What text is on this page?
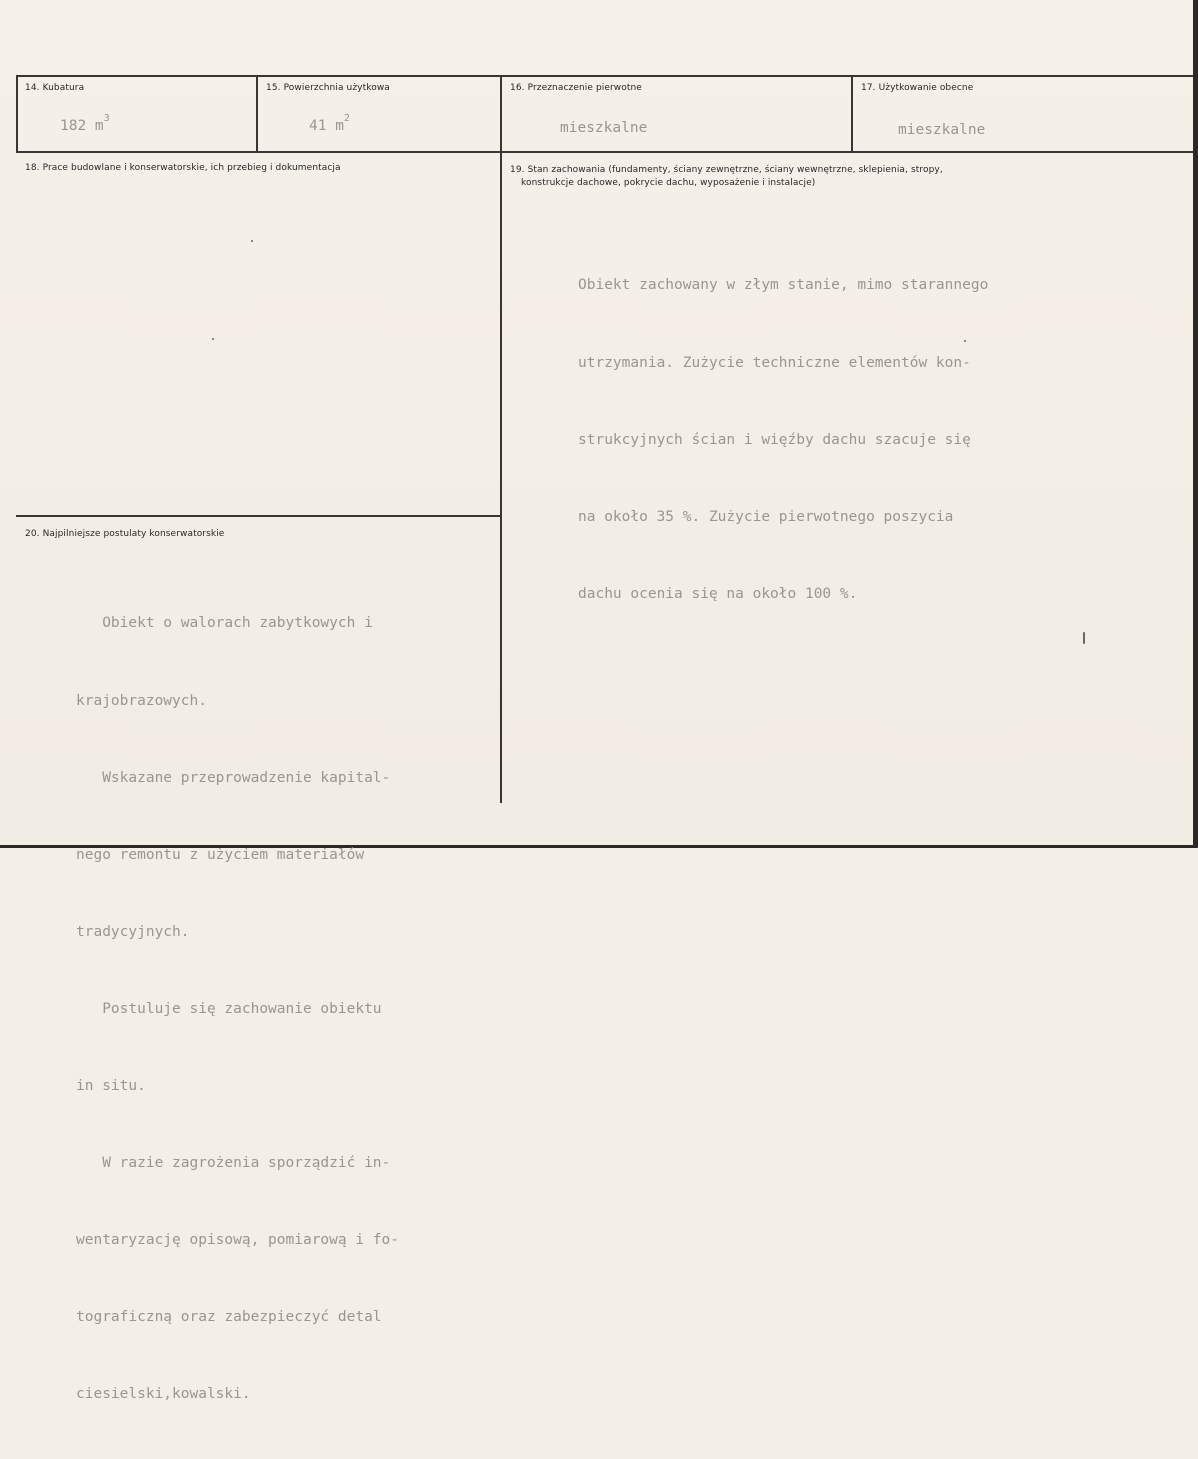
14. Kubatura
182 $m^3$
15. Powierzchnia użytkowa
41 $m^2$
16. Przeznaczenie pierwotne
mieszkalne
17. Użytkowanie obecne
mieszkalne
18. Prace budowlane i konserwatorskie, ich przebieg i dokumentacja	19. Stan zachowania (fundamenty, ściany zewnętrzne, ściany wewnętrzne, sklepienia, stropy,
konstrukcje dachowe, pokrycie dachu, wyposażenie i instalacje)

Obiekt zachowany w złym stanie, mimo starannego

utrzymania. Zużycie techniczne elementów kon-

strukcyjnych ścian i więźby dachu szacuje się

na około 35 %. Zużycie pierwotnego poszycia

dachu ocenia się na około 100 %.

20. Najpilniejsze postulaty konserwatorskie

Obiekt o walorach zabytkowych i

krajobrazowych.

Wskazane przeprowadzenie kapital-

nego remontu z użyciem materiałów

tradycyjnych.

Postuluje się zachowanie obiektu

in situ.

W razie zagrożenia sporządzić in-

wentaryzację opisową, pomiarową i fo-

tograficzną oraz zabezpieczyć detal

ciesielski,kowalski.
